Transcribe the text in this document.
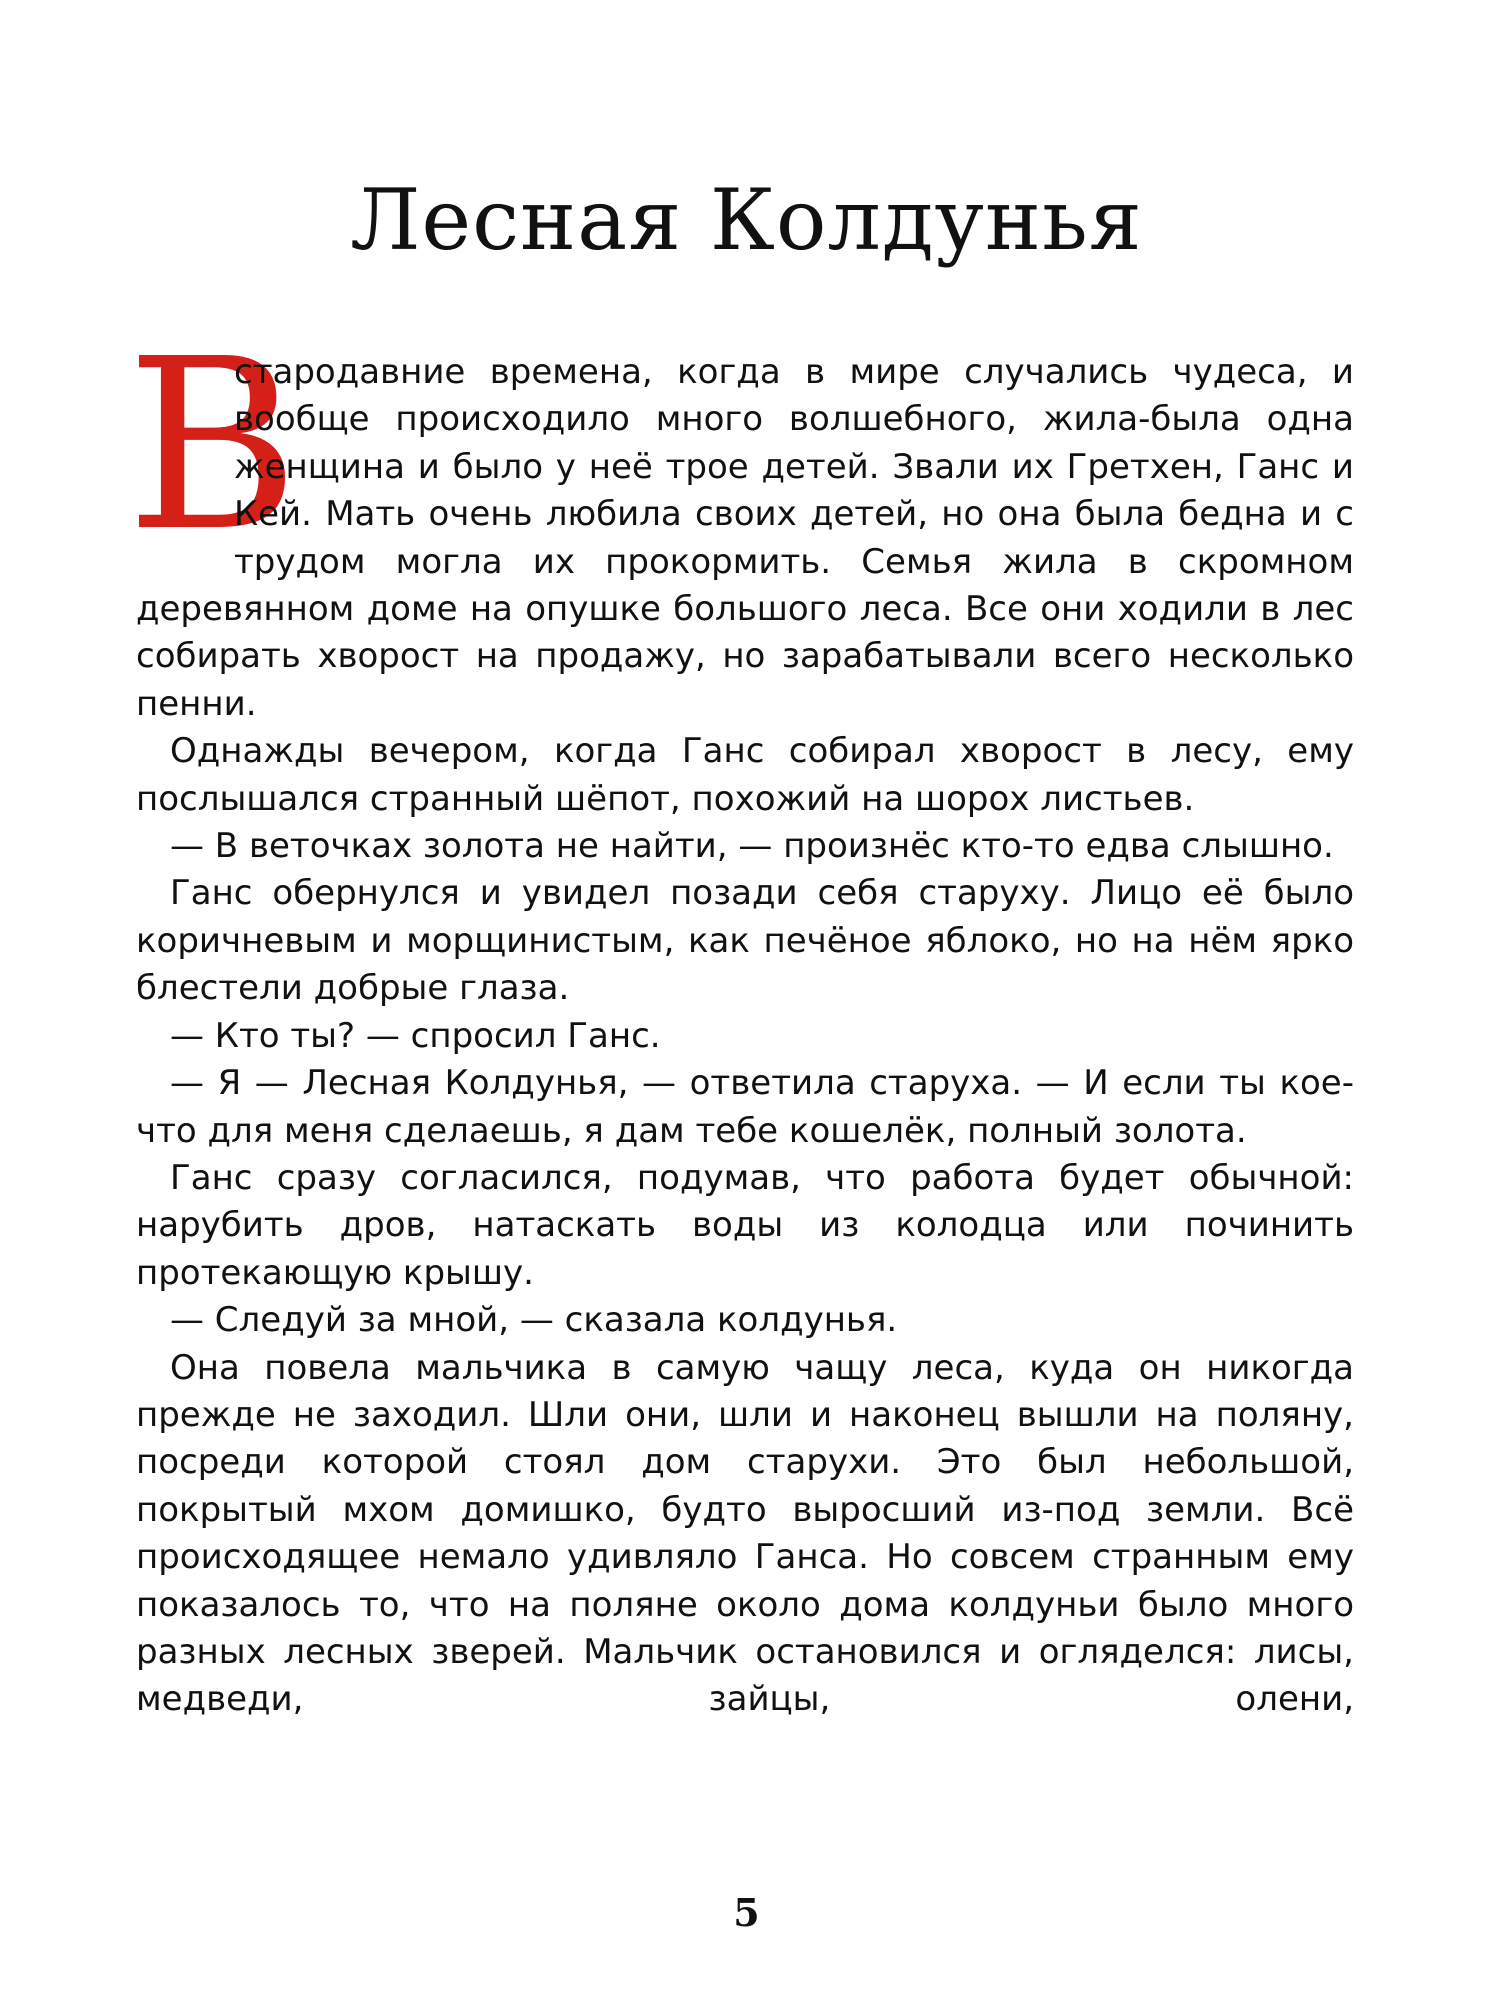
Лесная Колдунья

В
стародавние времена, когда в мире случались чудеса, и вообще происходило много волшебного, жила-была одна женщина и было у неё трое детей. Звали их Гретхен, Ганс и Кей. Мать очень любила своих детей, но она была бедна и с трудом могла их прокормить. Семья жила в скромном деревянном доме на опушке большого леса. Все они ходили в лес собирать хворост на продажу, но зарабатывали всего несколько пенни.

Однажды вечером, когда Ганс собирал хворост в лесу, ему послышался странный шёпот, похожий на шорох листьев.

— В веточках золота не найти, — произнёс кто-то едва слышно.

Ганс обернулся и увидел позади себя старуху. Лицо её было коричневым и морщинистым, как печёное яблоко, но на нём ярко блестели добрые глаза.

— Кто ты? — спросил Ганс.

— Я — Лесная Колдунья, — ответила старуха. — И если ты кое-что для меня сделаешь, я дам тебе кошелёк, полный золота.

Ганс сразу согласился, подумав, что работа будет обычной: нарубить дров, натаскать воды из колодца или починить протекающую крышу.

— Следуй за мной, — сказала колдунья.

Она повела мальчика в самую чащу леса, куда он никогда прежде не заходил. Шли они, шли и наконец вышли на поляну, посреди которой стоял дом старухи. Это был небольшой, покрытый мхом домишко, будто выросший из-под земли. Всё происходящее немало удивляло Ганса. Но совсем странным ему показалось то, что на поляне около дома колдуньи было много разных лесных зверей. Мальчик остановился и огляделся: лисы, медведи, зайцы, олени,

5
